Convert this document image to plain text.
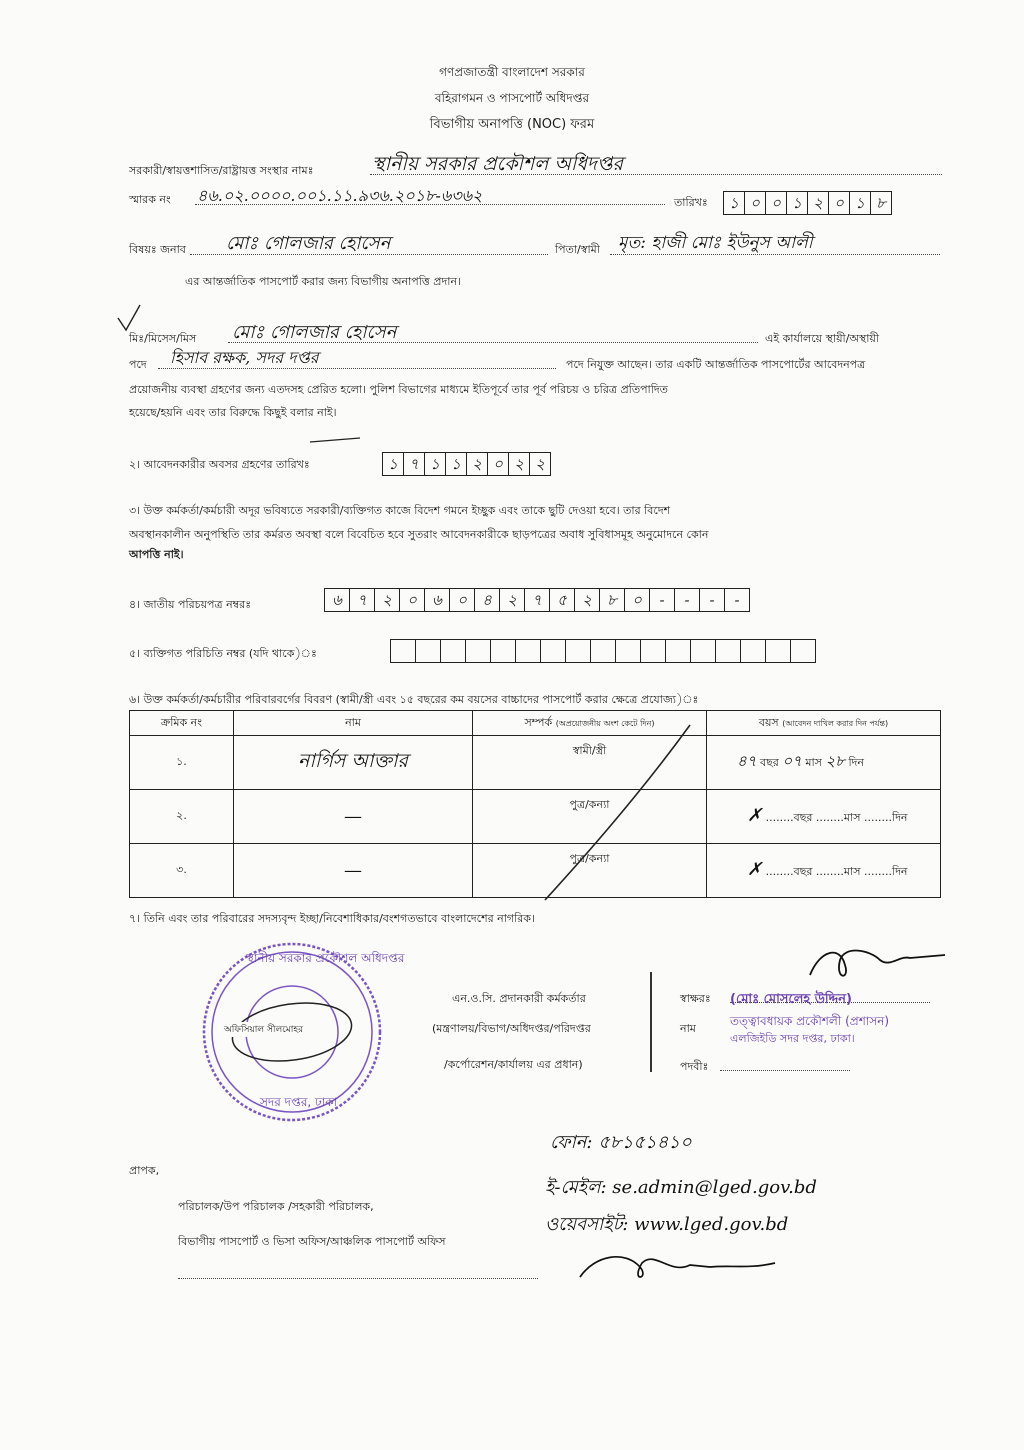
গণপ্রজাতন্ত্রী বাংলাদেশ সরকার
বহিরাগমন ও পাসপোর্ট অধিদপ্তর
বিভাগীয় অনাপত্তি (NOC) ফরম
সরকারী/স্বায়ত্তশাসিত/রাষ্ট্রায়ত্ত সংস্থার নামঃ	স্থানীয় সরকার প্রকৌশল অধিদপ্তর
স্মারক নং ৪৬.০২.০০০০.০০১.১১.৯৩৬.২০১৮-৬৩৬২	তারিখঃ	১ ০ ০ ১ ২ ০ ১ ৮
বিষয়ঃ জনাব মোঃ গোলজার হোসেন	পিতা/স্বামী মৃত: হাজী মোঃ ইউনুস আলী
এর আন্তর্জাতিক পাসপোর্ট করার জন্য বিভাগীয় অনাপত্তি প্রদান।
মিঃ/মিসেস/মিস মোঃ গোলজার হোসেন	এই কার্যালয়ে স্থায়ী/অস্থায়ী
পদে হিসাব রক্ষক, সদর দপ্তর	পদে নিযুক্ত আছেন। তার একটি আন্তর্জাতিক পাসপোর্টের আবেদনপত্র
প্রয়োজনীয় ব্যবস্থা গ্রহণের জন্য এতদসহ প্রেরিত হলো। পুলিশ বিভাগের মাধ্যমে ইতিপূর্বে তার পূর্ব পরিচয় ও চরিত্র প্রতিপাদিত
হয়েছে/হয়নি এবং তার বিরুদ্ধে কিছুই বলার নাই।
২। আবেদনকারীর অবসর গ্রহণের তারিখঃ	১ ৭ ১ ১ ২ ০ ২ ২
৩। উক্ত কর্মকর্তা/কর্মচারী অদূর ভবিষ্যতে সরকারী/ব্যক্তিগত কাজে বিদেশ গমনে ইচ্ছুক এবং তাকে ছুটি দেওয়া হবে। তার বিদেশ
অবস্থানকালীন অনুপস্থিতি তার কর্মরত অবস্থা বলে বিবেচিত হবে সুতরাং আবেদনকারীকে ছাড়পত্রের অবাধ সুবিধাসমূহ অনুমোদনে কোন
আপত্তি নাই।
৪। জাতীয় পরিচয়পত্র নম্বরঃ	৬	৭	২	০	৬	০	৪	২	৭	৫	২	৮	০	-	-	-	-
৫। ব্যক্তিগত পরিচিতি নম্বর (যদি থাকে)ঃ
৬। উক্ত কর্মকর্তা/কর্মচারীর পরিবারবর্গের বিবরণ (স্বামী/স্ত্রী এবং ১৫ বছরের কম বয়সের বাচ্চাদের পাসপোর্ট করার ক্ষেত্রে প্রযোজ্য)ঃ
ক্রমিক নং	নাম	সম্পর্ক (অপ্রয়োজনীয় অংশ কেটে দিন)	বয়স (আবেদন দাখিল করার দিন পর্যন্ত)
১.	নার্গিস আক্তার	স্বামী/স্ত্রী	৪৭ বছর ০৭ মাস ২৮ দিন
২.	—	পুত্র/কন্যা	✗ ........বছর ........মাস ........দিন
৩.	—	পুত্র/কন্যা	✗ ........বছর ........মাস ........দিন
৭। তিনি এবং তার পরিবারের সদস্যবৃন্দ ইচ্ছা/নিবেশাধিকার/বংশগতভাবে বাংলাদেশের নাগরিক।
স্থানীয় সরকার প্রকৌশল অধিদপ্তর
সদর দপ্তর, ঢাকা
অফিসিয়াল সীলমোহর
এন.ও.সি. প্রদানকারী কর্মকর্তার
(মন্ত্রণালয়/বিভাগ/অধিদপ্তর/পরিদপ্তর
/কর্পোরেশন/কার্যালয় এর প্রধান)
স্বাক্ষরঃ (মোঃ মোসলেহ উদ্দিন)
নাম
তত্ত্বাবধায়ক প্রকৌশলী (প্রশাসন)
এলজিইডি সদর দপ্তর, ঢাকা।
পদবীঃ
ফোন: ৫৮১৫১৪১০
ই-মেইল: se.admin@lged.gov.bd
ওয়েবসাইট: www.lged.gov.bd
প্রাপক,
পরিচালক/উপ পরিচালক /সহকারী পরিচালক,
বিভাগীয় পাসপোর্ট ও ভিসা অফিস/আঞ্চলিক পাসপোর্ট অফিস
